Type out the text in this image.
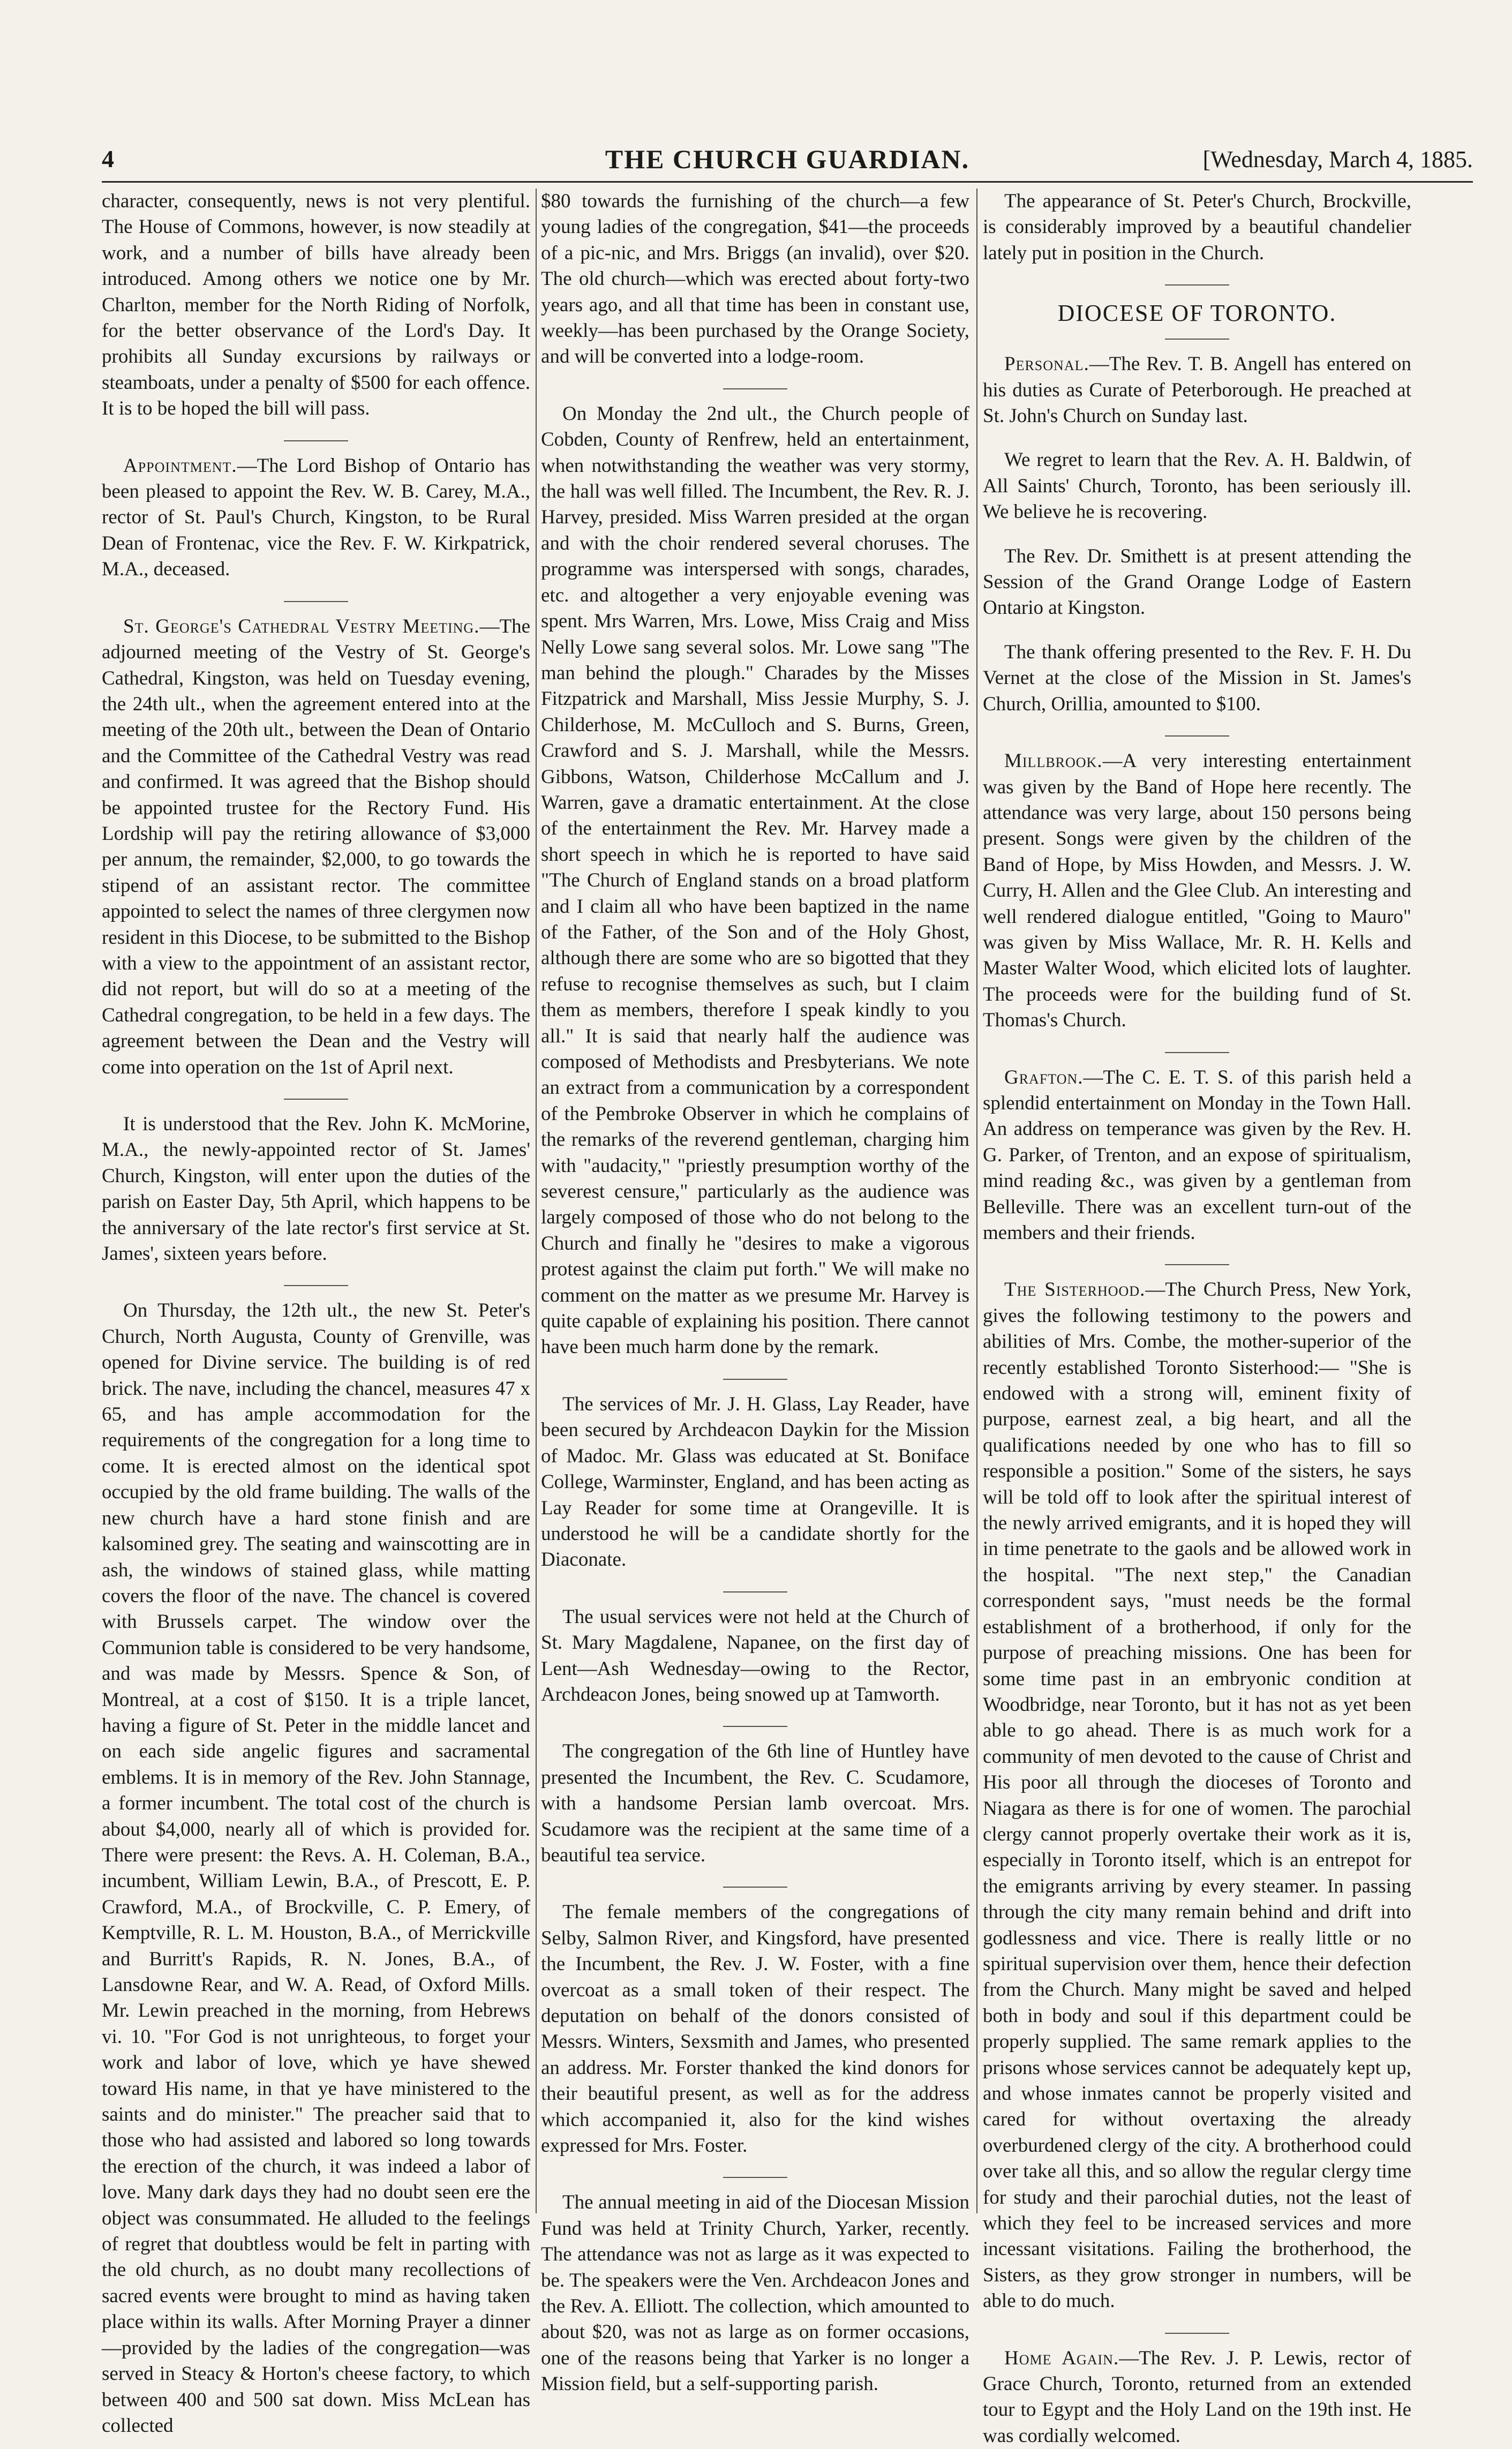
4	THE CHURCH GUARDIAN.	[Wednesday, March 4, 1885.

character, consequently, news is not very plentiful. The House of Commons, however, is now steadily at work, and a number of bills have already been introduced. Among others we notice one by Mr. Charlton, member for the North Riding of Norfolk, for the better observance of the Lord's Day. It prohibits all Sunday excursions by railways or steamboats, under a penalty of $500 for each offence. It is to be hoped the bill will pass.

Appointment.—The Lord Bishop of Ontario has been pleased to appoint the Rev. W. B. Carey, M.A., rector of St. Paul's Church, Kingston, to be Rural Dean of Frontenac, vice the Rev. F. W. Kirkpatrick, M.A., deceased.

St. George's Cathedral Vestry Meeting.—The adjourned meeting of the Vestry of St. George's Cathedral, Kingston, was held on Tuesday evening, the 24th ult., when the agreement entered into at the meeting of the 20th ult., between the Dean of Ontario and the Committee of the Cathedral Vestry was read and confirmed. It was agreed that the Bishop should be appointed trustee for the Rectory Fund. His Lordship will pay the retiring allowance of $3,000 per annum, the remainder, $2,000, to go towards the stipend of an assistant rector. The committee appointed to select the names of three clergymen now resident in this Diocese, to be submitted to the Bishop with a view to the appointment of an assistant rector, did not report, but will do so at a meeting of the Cathedral congregation, to be held in a few days. The agreement between the Dean and the Vestry will come into operation on the 1st of April next.

It is understood that the Rev. John K. McMorine, M.A., the newly-appointed rector of St. James' Church, Kingston, will enter upon the duties of the parish on Easter Day, 5th April, which happens to be the anniversary of the late rector's first service at St. James', sixteen years before.

On Thursday, the 12th ult., the new St. Peter's Church, North Augusta, County of Grenville, was opened for Divine service. The building is of red brick. The nave, including the chancel, measures 47 x 65, and has ample accommodation for the requirements of the congregation for a long time to come. It is erected almost on the identical spot occupied by the old frame building. The walls of the new church have a hard stone finish and are kalsomined grey. The seating and wainscotting are in ash, the windows of stained glass, while matting covers the floor of the nave. The chancel is covered with Brussels carpet. The window over the Communion table is considered to be very handsome, and was made by Messrs. Spence & Son, of Montreal, at a cost of $150. It is a triple lancet, having a figure of St. Peter in the middle lancet and on each side angelic figures and sacramental emblems. It is in memory of the Rev. John Stannage, a former incumbent. The total cost of the church is about $4,000, nearly all of which is provided for. There were present: the Revs. A. H. Coleman, B.A., incumbent, William Lewin, B.A., of Prescott, E. P. Crawford, M.A., of Brockville, C. P. Emery, of Kemptville, R. L. M. Houston, B.A., of Merrickville and Burritt's Rapids, R. N. Jones, B.A., of Lansdowne Rear, and W. A. Read, of Oxford Mills. Mr. Lewin preached in the morning, from Hebrews vi. 10. "For God is not unrighteous, to forget your work and labor of love, which ye have shewed toward His name, in that ye have ministered to the saints and do minister." The preacher said that to those who had assisted and labored so long towards the erection of the church, it was indeed a labor of love. Many dark days they had no doubt seen ere the object was consummated. He alluded to the feelings of regret that doubtless would be felt in parting with the old church, as no doubt many recollections of sacred events were brought to mind as having taken place within its walls. After Morning Prayer a dinner—provided by the ladies of the congregation—was served in Steacy & Horton's cheese factory, to which between 400 and 500 sat down. Miss McLean has collected

$80 towards the furnishing of the church—a few young ladies of the congregation, $41—the proceeds of a pic-nic, and Mrs. Briggs (an invalid), over $20. The old church—which was erected about forty-two years ago, and all that time has been in constant use, weekly—has been purchased by the Orange Society, and will be converted into a lodge-room.

On Monday the 2nd ult., the Church people of Cobden, County of Renfrew, held an entertainment, when notwithstanding the weather was very stormy, the hall was well filled. The Incumbent, the Rev. R. J. Harvey, presided. Miss Warren presided at the organ and with the choir rendered several choruses. The programme was interspersed with songs, charades, etc. and altogether a very enjoyable evening was spent. Mrs Warren, Mrs. Lowe, Miss Craig and Miss Nelly Lowe sang several solos. Mr. Lowe sang "The man behind the plough." Charades by the Misses Fitzpatrick and Marshall, Miss Jessie Murphy, S. J. Childerhose, M. McCulloch and S. Burns, Green, Crawford and S. J. Marshall, while the Messrs. Gibbons, Watson, Childerhose McCallum and J. Warren, gave a dramatic entertainment. At the close of the entertainment the Rev. Mr. Harvey made a short speech in which he is reported to have said "The Church of England stands on a broad platform and I claim all who have been baptized in the name of the Father, of the Son and of the Holy Ghost, although there are some who are so bigotted that they refuse to recognise themselves as such, but I claim them as members, therefore I speak kindly to you all." It is said that nearly half the audience was composed of Methodists and Presbyterians. We note an extract from a communication by a correspondent of the Pembroke Observer in which he complains of the remarks of the reverend gentleman, charging him with "audacity," "priestly presumption worthy of the severest censure," particularly as the audience was largely composed of those who do not belong to the Church and finally he "desires to make a vigorous protest against the claim put forth." We will make no comment on the matter as we presume Mr. Harvey is quite capable of explaining his position. There cannot have been much harm done by the remark.

The services of Mr. J. H. Glass, Lay Reader, have been secured by Archdeacon Daykin for the Mission of Madoc. Mr. Glass was educated at St. Boniface College, Warminster, England, and has been acting as Lay Reader for some time at Orangeville. It is understood he will be a candidate shortly for the Diaconate.

The usual services were not held at the Church of St. Mary Magdalene, Napanee, on the first day of Lent—Ash Wednesday—owing to the Rector, Archdeacon Jones, being snowed up at Tamworth.

The congregation of the 6th line of Huntley have presented the Incumbent, the Rev. C. Scudamore, with a handsome Persian lamb overcoat. Mrs. Scudamore was the recipient at the same time of a beautiful tea service.

The female members of the congregations of Selby, Salmon River, and Kingsford, have presented the Incumbent, the Rev. J. W. Foster, with a fine overcoat as a small token of their respect. The deputation on behalf of the donors consisted of Messrs. Winters, Sexsmith and James, who presented an address. Mr. Forster thanked the kind donors for their beautiful present, as well as for the address which accompanied it, also for the kind wishes expressed for Mrs. Foster.

The annual meeting in aid of the Diocesan Mission Fund was held at Trinity Church, Yarker, recently. The attendance was not as large as it was expected to be. The speakers were the Ven. Archdeacon Jones and the Rev. A. Elliott. The collection, which amounted to about $20, was not as large as on former occasions, one of the reasons being that Yarker is no longer a Mission field, but a self-supporting parish.

The appearance of St. Peter's Church, Brockville, is considerably improved by a beautiful chandelier lately put in position in the Church.

DIOCESE OF TORONTO.

Personal.—The Rev. T. B. Angell has entered on his duties as Curate of Peterborough. He preached at St. John's Church on Sunday last.

We regret to learn that the Rev. A. H. Baldwin, of All Saints' Church, Toronto, has been seriously ill. We believe he is recovering.

The Rev. Dr. Smithett is at present attending the Session of the Grand Orange Lodge of Eastern Ontario at Kingston.

The thank offering presented to the Rev. F. H. Du Vernet at the close of the Mission in St. James's Church, Orillia, amounted to $100.

Millbrook.—A very interesting entertainment was given by the Band of Hope here recently. The attendance was very large, about 150 persons being present. Songs were given by the children of the Band of Hope, by Miss Howden, and Messrs. J. W. Curry, H. Allen and the Glee Club. An interesting and well rendered dialogue entitled, "Going to Mauro" was given by Miss Wallace, Mr. R. H. Kells and Master Walter Wood, which elicited lots of laughter. The proceeds were for the building fund of St. Thomas's Church.

Grafton.—The C. E. T. S. of this parish held a splendid entertainment on Monday in the Town Hall. An address on temperance was given by the Rev. H. G. Parker, of Trenton, and an expose of spiritualism, mind reading &c., was given by a gentleman from Belleville. There was an excellent turn-out of the members and their friends.

The Sisterhood.—The Church Press, New York, gives the following testimony to the powers and abilities of Mrs. Combe, the mother-superior of the recently established Toronto Sisterhood:— "She is endowed with a strong will, eminent fixity of purpose, earnest zeal, a big heart, and all the qualifications needed by one who has to fill so responsible a position." Some of the sisters, he says will be told off to look after the spiritual interest of the newly arrived emigrants, and it is hoped they will in time penetrate to the gaols and be allowed work in the hospital. "The next step," the Canadian correspondent says, "must needs be the formal establishment of a brotherhood, if only for the purpose of preaching missions. One has been for some time past in an embryonic condition at Woodbridge, near Toronto, but it has not as yet been able to go ahead. There is as much work for a community of men devoted to the cause of Christ and His poor all through the dioceses of Toronto and Niagara as there is for one of women. The parochial clergy cannot properly overtake their work as it is, especially in Toronto itself, which is an entrepot for the emigrants arriving by every steamer. In passing through the city many remain behind and drift into godlessness and vice. There is really little or no spiritual supervision over them, hence their defection from the Church. Many might be saved and helped both in body and soul if this department could be properly supplied. The same remark applies to the prisons whose services cannot be adequately kept up, and whose inmates cannot be properly visited and cared for without overtaxing the already overburdened clergy of the city. A brotherhood could over take all this, and so allow the regular clergy time for study and their parochial duties, not the least of which they feel to be increased services and more incessant visitations. Failing the brotherhood, the Sisters, as they grow stronger in numbers, will be able to do much.

Home Again.—The Rev. J. P. Lewis, rector of Grace Church, Toronto, returned from an extended tour to Egypt and the Holy Land on the 19th inst. He was cordially welcomed.
